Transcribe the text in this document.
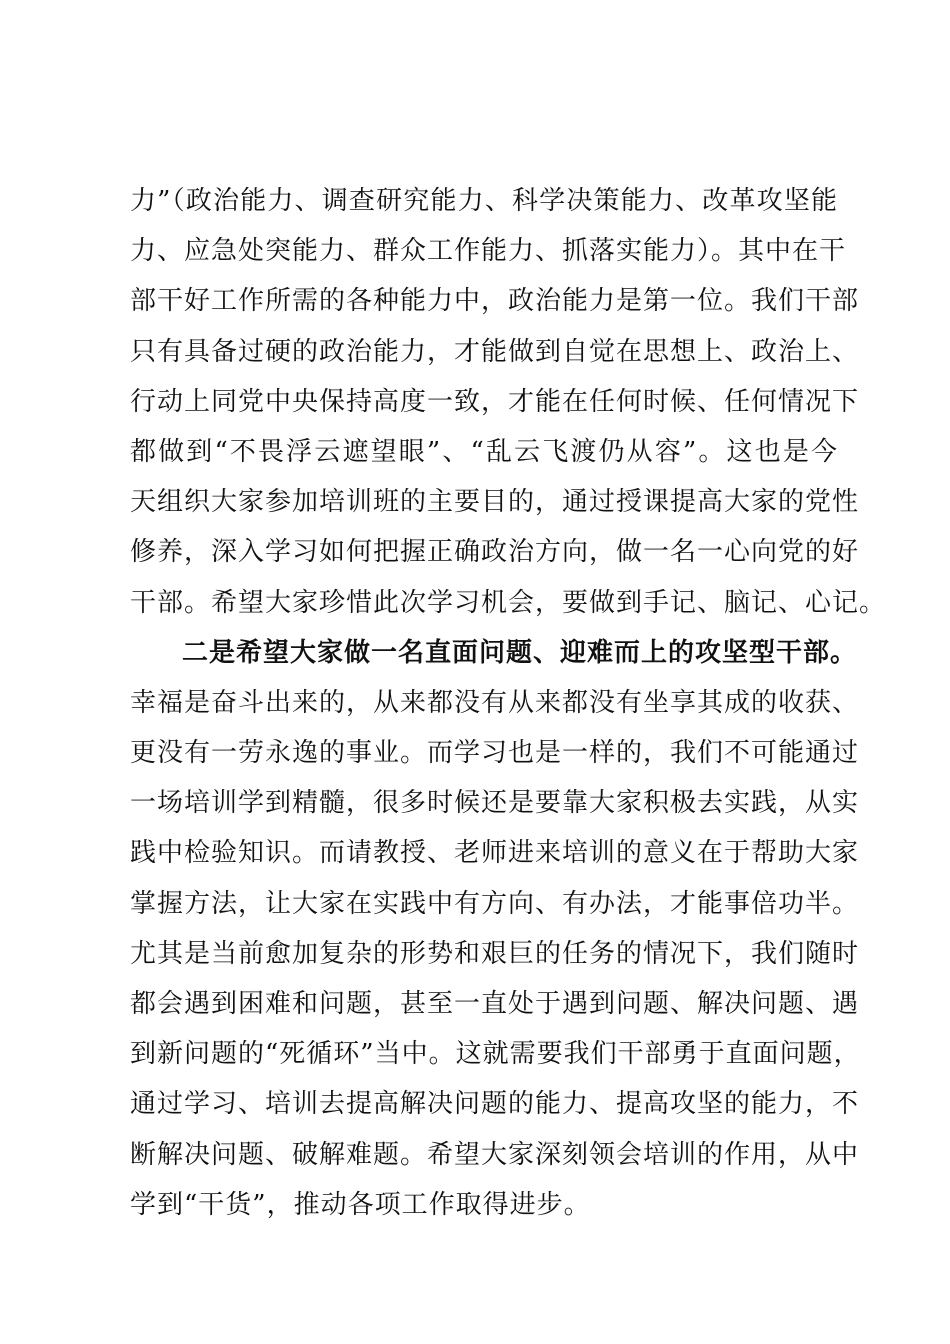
力”（政治能力、调查研究能力、科学决策能力、改革攻坚能
力、应急处突能力、群众工作能力、抓落实能力）。其中在干
部干好工作所需的各种能力中，政治能力是第一位。我们干部
只有具备过硬的政治能力，才能做到自觉在思想上、政治上、
行动上同党中央保持高度一致，才能在任何时候、任何情况下
都做到“不畏浮云遮望眼”、“乱云飞渡仍从容”。这也是今
天组织大家参加培训班的主要目的，通过授课提高大家的党性
修养，深入学习如何把握正确政治方向，做一名一心向党的好
干部。希望大家珍惜此次学习机会，要做到手记、脑记、心记。
二是希望大家做一名直面问题、迎难而上的攻坚型干部。
幸福是奋斗出来的，从来都没有从来都没有坐享其成的收获、
更没有一劳永逸的事业。而学习也是一样的，我们不可能通过
一场培训学到精髓，很多时候还是要靠大家积极去实践，从实
践中检验知识。而请教授、老师进来培训的意义在于帮助大家
掌握方法，让大家在实践中有方向、有办法，才能事倍功半。
尤其是当前愈加复杂的形势和艰巨的任务的情况下，我们随时
都会遇到困难和问题，甚至一直处于遇到问题、解决问题、遇
到新问题的“死循环”当中。这就需要我们干部勇于直面问题，
通过学习、培训去提高解决问题的能力、提高攻坚的能力，不
断解决问题、破解难题。希望大家深刻领会培训的作用，从中
学到“干货”，推动各项工作取得进步。
